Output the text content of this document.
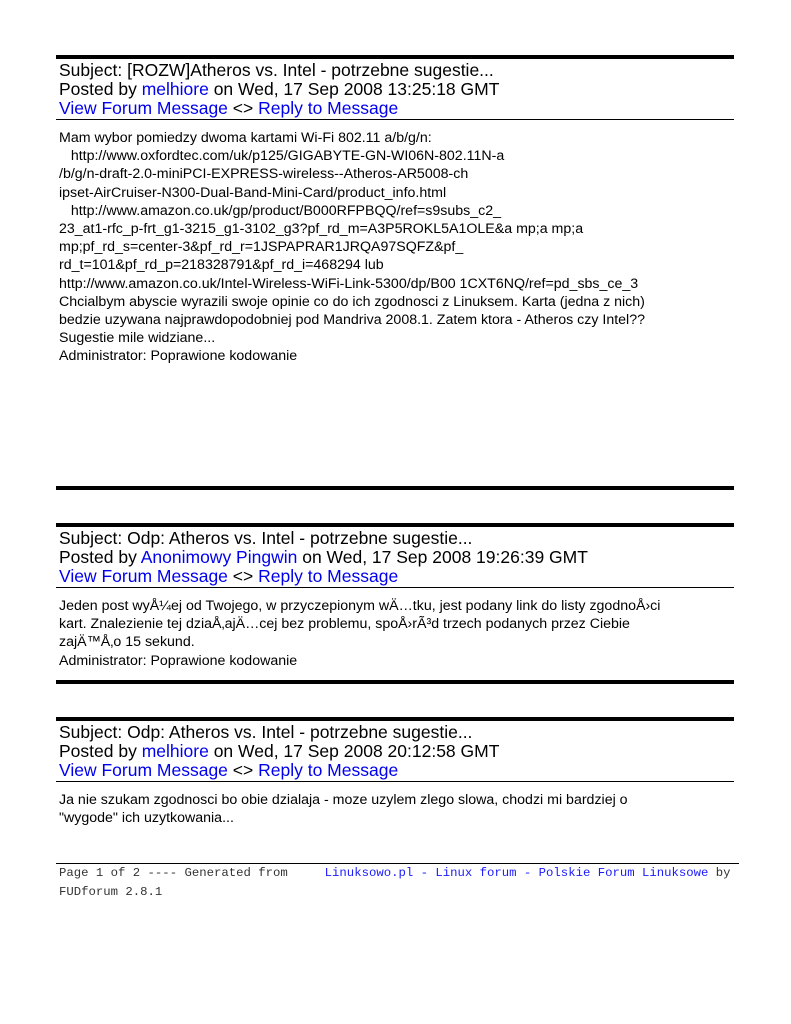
Subject: [ROZW]Atheros vs. Intel - potrzebne sugestie...
Posted by melhiore on Wed, 17 Sep 2008 13:25:18 GMT
View Forum Message <> Reply to Message

Mam wybor pomiedzy dwoma kartami Wi-Fi 802.11 a/b/g/n:

http://www.oxfordtec.com/uk/p125/GIGABYTE-GN-WI06N-802.11N-a

/b/g/n-draft-2.0-miniPCI-EXPRESS-wireless--Atheros-AR5008-ch

ipset-AirCruiser-N300-Dual-Band-Mini-Card/product_info.html

http://www.amazon.co.uk/gp/product/B000RFPBQQ/ref=s9subs_c2_

23_at1-rfc_p-frt_g1-3215_g1-3102_g3?pf_rd_m=A3P5ROKL5A1OLE&a mp;a mp;a

mp;pf_rd_s=center-3&pf_rd_r=1JSPAPRAR1JRQA97SQFZ&pf_

rd_t=101&pf_rd_p=218328791&pf_rd_i=468294 lub

http://www.amazon.co.uk/Intel-Wireless-WiFi-Link-5300/dp/B00 1CXT6NQ/ref=pd_sbs_ce_3

Chcialbym abyscie wyrazili swoje opinie co do ich zgodnosci z Linuksem. Karta (jedna z nich)

bedzie uzywana najprawdopodobniej pod Mandriva 2008.1. Zatem ktora - Atheros czy Intel??

Sugestie mile widziane...

Administrator: Poprawione kodowanie

Subject: Odp: Atheros vs. Intel - potrzebne sugestie...
Posted by Anonimowy Pingwin on Wed, 17 Sep 2008 19:26:39 GMT
View Forum Message <> Reply to Message

Jeden post wyÅ¼ej od Twojego, w przyczepionym wÄ…tku, jest podany link do listy zgodnoÅ›ci

kart. Znalezienie tej dziaÅ‚ajÄ…cej bez problemu, spoÅ›rÃ³d trzech podanych przez Ciebie

zajÄ™Å‚o 15 sekund.

Administrator: Poprawione kodowanie

Subject: Odp: Atheros vs. Intel - potrzebne sugestie...
Posted by melhiore on Wed, 17 Sep 2008 20:12:58 GMT
View Forum Message <> Reply to Message

Ja nie szukam zgodnosci bo obie dzialaja - moze uzylem zlego slowa, chodzi mi bardziej o

"wygode" ich uzytkowania...

Page 1 of 2 ---- Generated from	Linuksowo.pl - Linux forum - Polskie Forum Linuksowe by FUDforum 2.8.1
